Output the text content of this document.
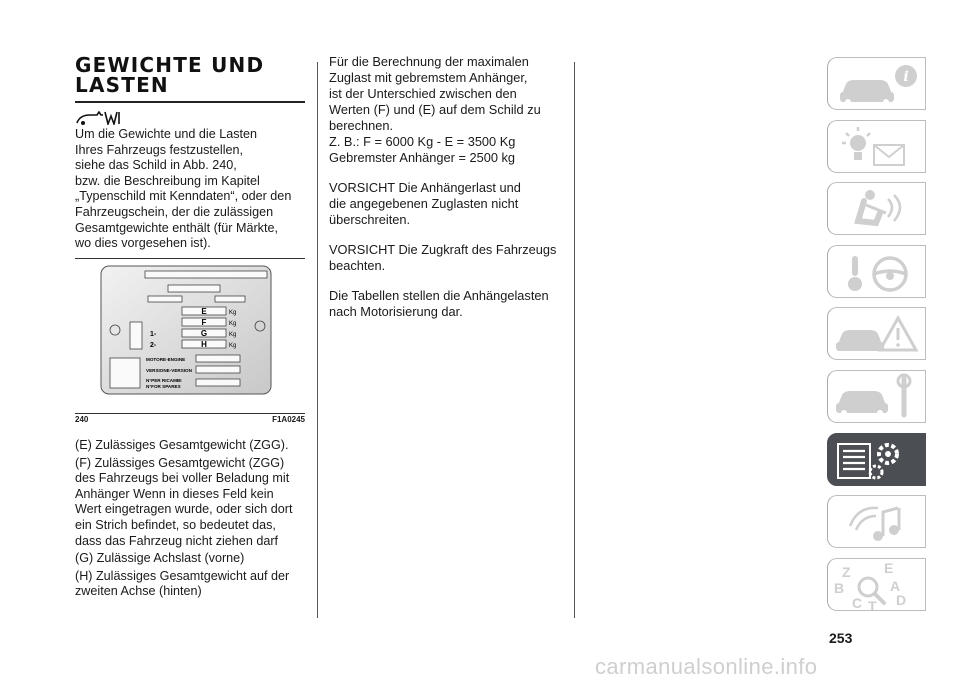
GEWICHTE UND
LASTEN

Um die Gewichte und die Lasten

Ihres Fahrzeugs festzustellen,

siehe das Schild in Abb. 240,

bzw. die Beschreibung im Kapitel

„Typenschild mit Kenndaten“, oder den

Fahrzeugschein, der die zulässigen

Gesamtgewichte enthält (für Märkte,

wo dies vorgesehen ist).

E
F
G
H
Kg
Kg
Kg
Kg
1-
2-
MOTORE-ENGINE
VERSIONE-VERSION
N°PER RICAMBI
N°FOR SPARES
240	F1A0245

(E) Zulässiges Gesamtgewicht (ZGG).

(F) Zulässiges Gesamtgewicht (ZGG)

des Fahrzeugs bei voller Beladung mit

Anhänger Wenn in dieses Feld kein

Wert eingetragen wurde, oder sich dort

ein Strich befindet, so bedeutet das,

dass das Fahrzeug nicht ziehen darf

(G) Zulässige Achslast (vorne)

(H) Zulässiges Gesamtgewicht auf der

zweiten Achse (hinten)

Für die Berechnung der maximalen

Zuglast mit gebremstem Anhänger,

ist der Unterschied zwischen den

Werten (F) und (E) auf dem Schild zu

berechnen.

Z. B.: F = 6000 Kg - E = 3500 Kg

Gebremster Anhänger = 2500 kg

VORSICHT Die Anhängerlast und

die angegebenen Zuglasten nicht

überschreiten.

VORSICHT Die Zugkraft des Fahrzeugs

beachten.

Die Tabellen stellen die Anhängelasten

nach Motorisierung dar.

i
Z E
B	A
C T D
253
carmanualsonline.info
